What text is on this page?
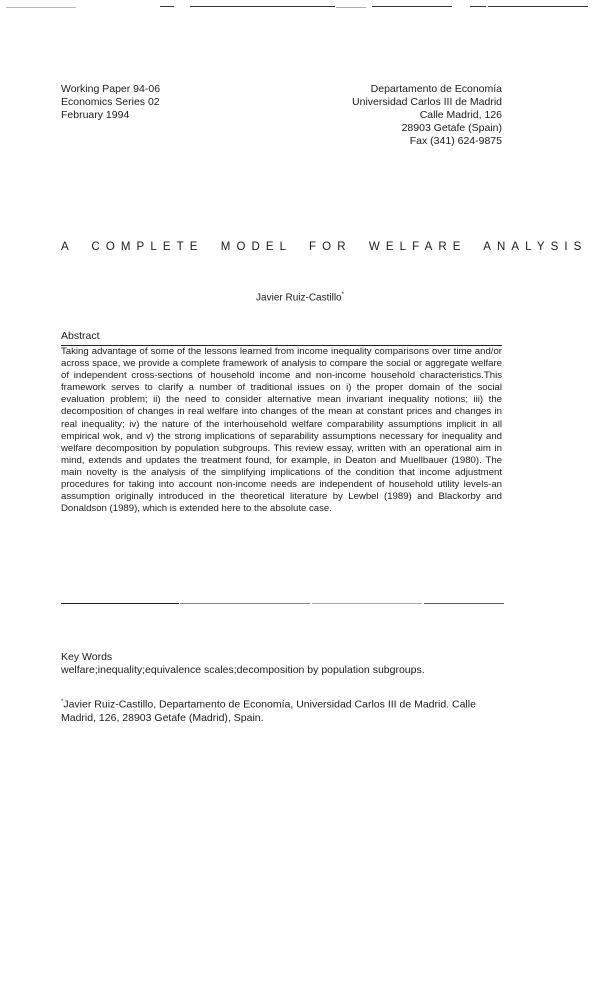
Working Paper 94-06
Economics Series 02
February 1994
Departamento de Economía
Universidad Carlos III de Madrid
Calle Madrid, 126
28903 Getafe (Spain)
Fax (341) 624-9875
A COMPLETE MODEL FOR WELFARE ANALYSIS
Javier Ruiz-Castillo*
Abstract

Taking advantage of some of the lessons learned from income inequality comparisons over time and/or across space, we provide a complete framework of analysis to compare the social or aggregate welfare of independent cross-sections of household income and non-income household characteristics.This framework serves to clarify a number of traditional issues on i) the proper domain of the social evaluation problem; ii) the need to consider alternative mean invariant inequality notions; iii) the decomposition of changes in real welfare into changes of the mean at constant prices and changes in real inequality; iv) the nature of the interhousehold welfare comparability assumptions implicit in all empirical wok, and v) the strong implications of separability assumptions necessary for inequality and welfare decomposition by population subgroups. This review essay, written with an operational aim in mind, extends and updates the treatment found, for example, in Deaton and Muellbauer (1980). The main novelty is the analysis of the simplifying implications of the condition that income adjustment procedures for taking into account non-income needs are independent of household utility levels-an assumption originally introduced in the theoretical literature by Lewbel (1989) and Blackorby and Donaldson (1989), which is extended here to the absolute case.

Key Words
welfare;inequality;equivalence scales;decomposition by population subgroups.
*Javier Ruiz-Castillo, Departamento de Economía, Universidad Carlos III de Madrid. Calle Madrid, 126, 28903 Getafe (Madrid), Spain.
